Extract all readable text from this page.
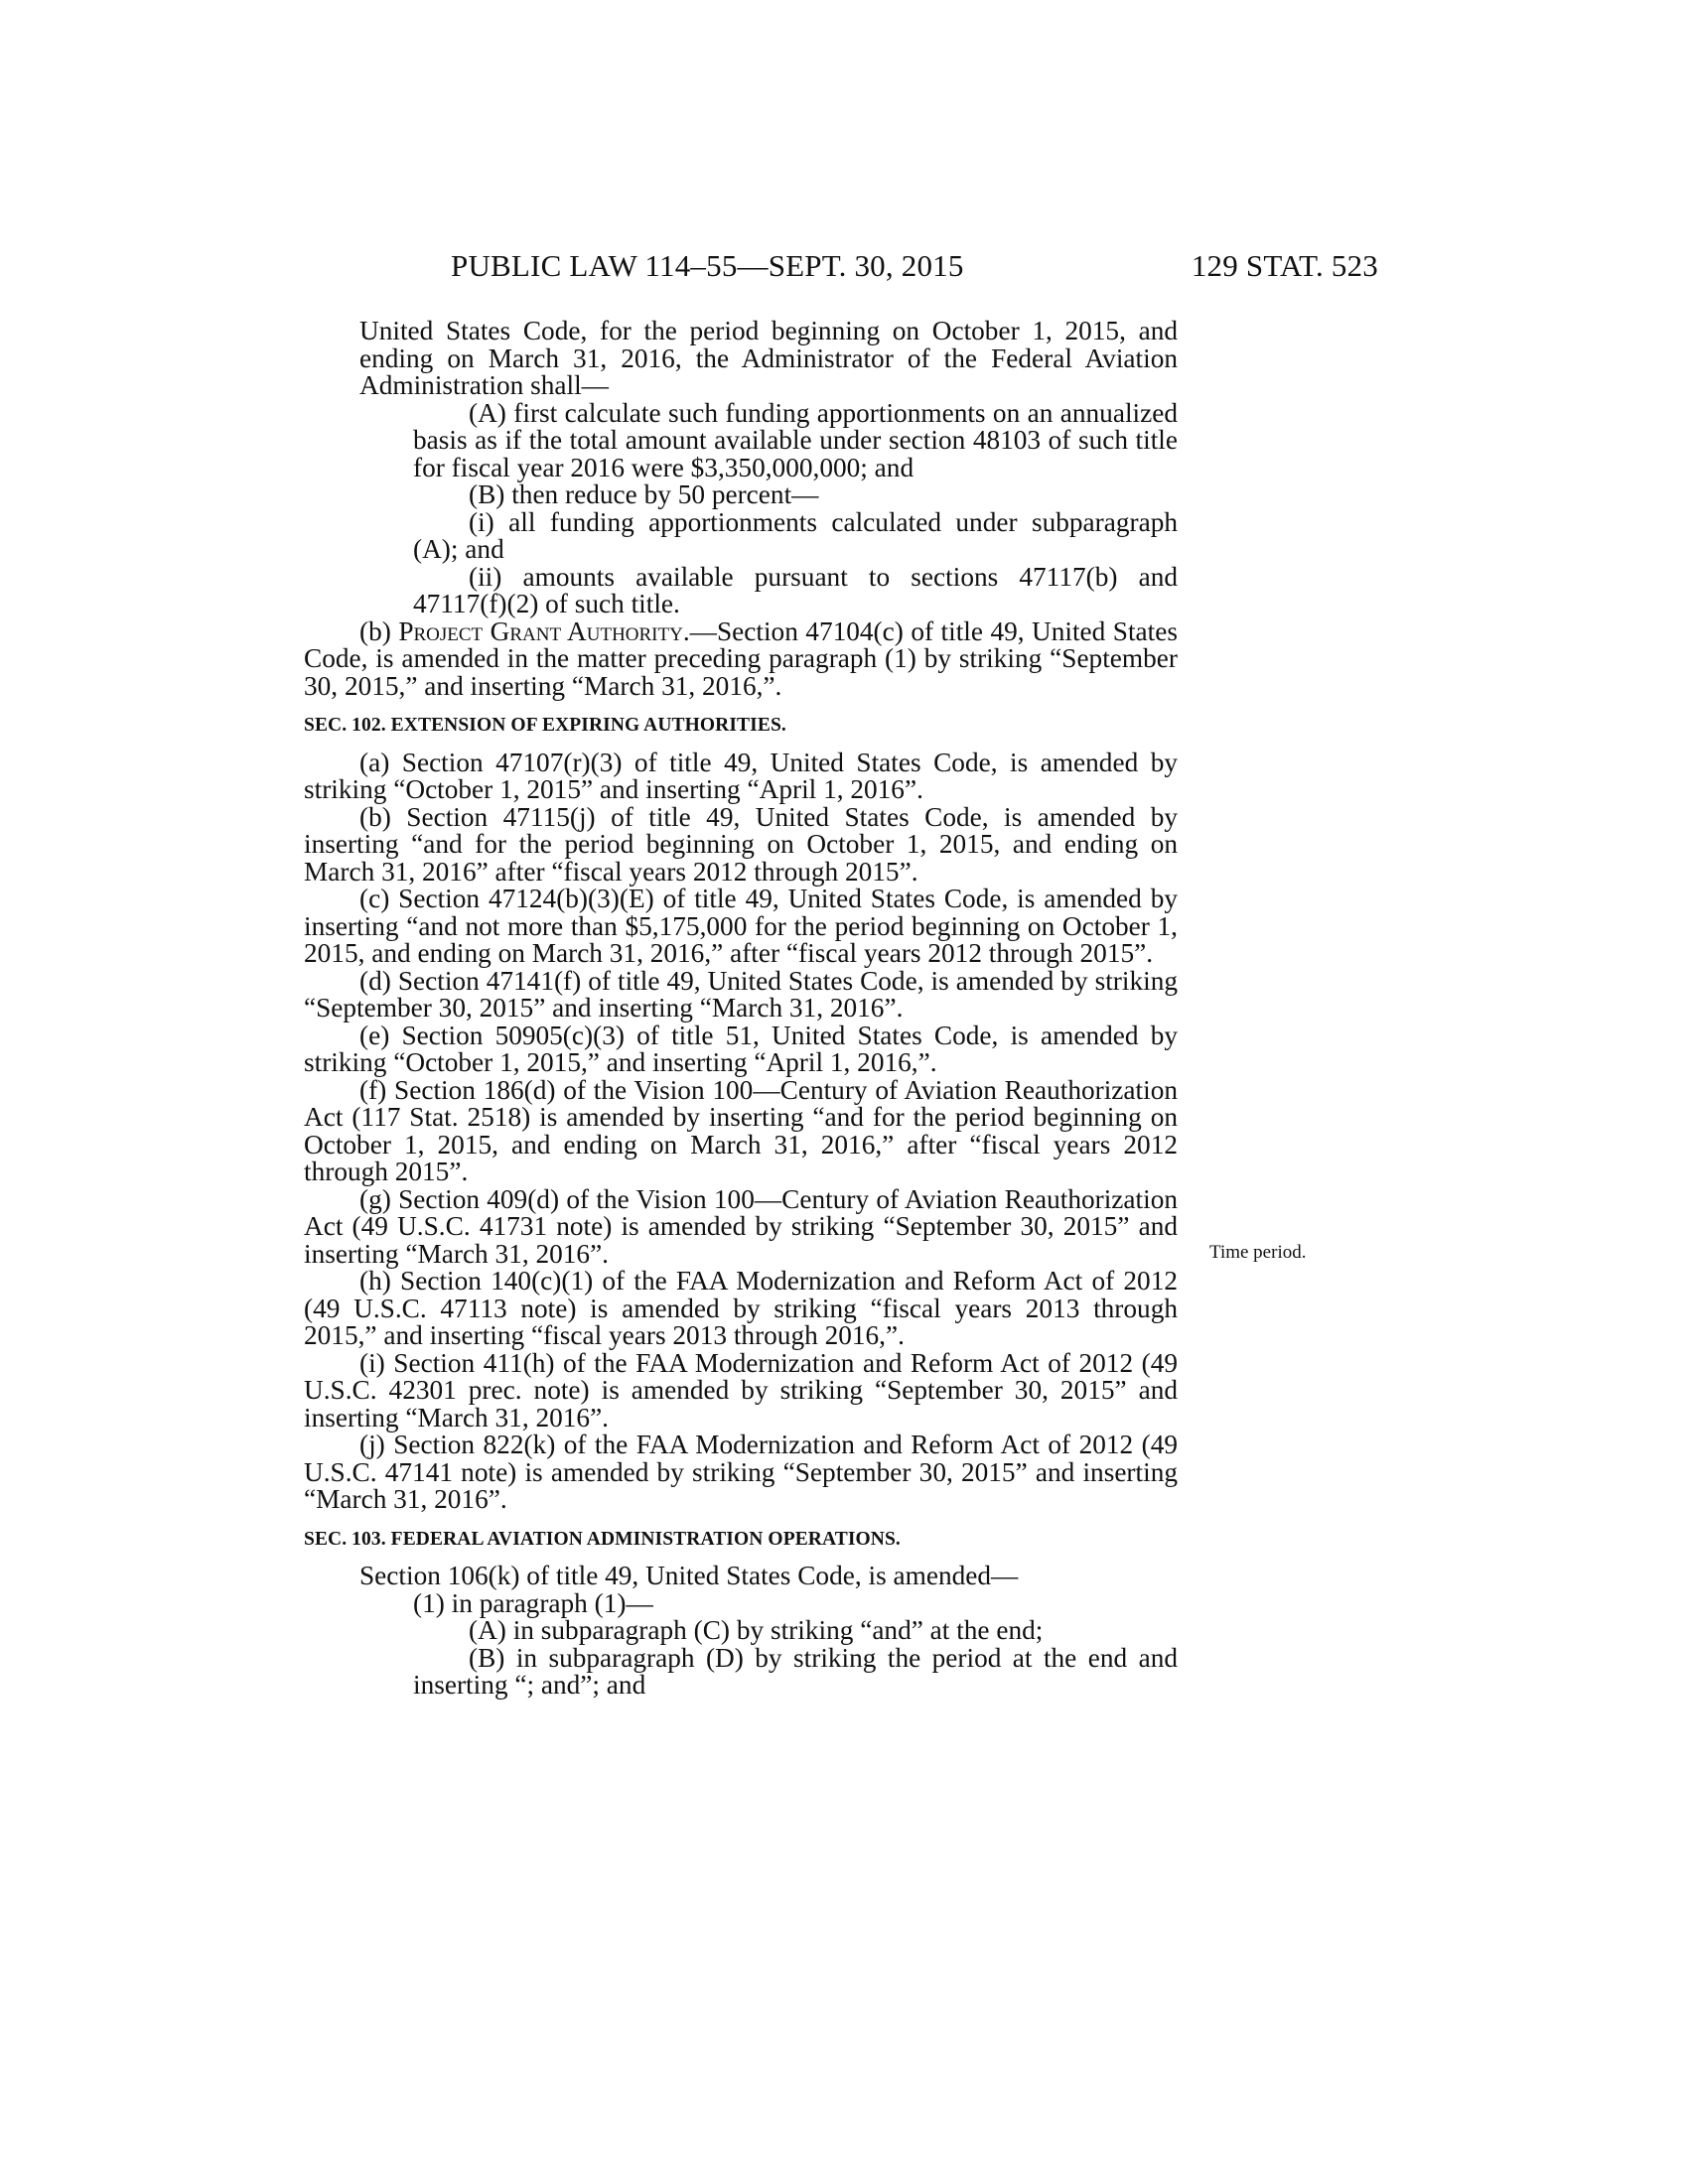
PUBLIC LAW 114–55—SEPT. 30, 2015	129 STAT. 523
Time period.

United States Code, for the period beginning on October 1, 2015, and ending on March 31, 2016, the Administrator of the Federal Aviation Administration shall—

(A) first calculate such funding apportionments on an annualized basis as if the total amount available under section 48103 of such title for fiscal year 2016 were $3,350,000,000; and

(B) then reduce by 50 percent—

(i) all funding apportionments calculated under subparagraph (A); and

(ii) amounts available pursuant to sections 47117(b) and 47117(f)(2) of such title.

(b) Project Grant Authority.—Section 47104(c) of title 49, United States Code, is amended in the matter preceding paragraph (1) by striking “September 30, 2015,” and inserting “March 31, 2016,”.

SEC. 102. EXTENSION OF EXPIRING AUTHORITIES.

(a) Section 47107(r)(3) of title 49, United States Code, is amended by striking “October 1, 2015” and inserting “April 1, 2016”.

(b) Section 47115(j) of title 49, United States Code, is amended by inserting “and for the period beginning on October 1, 2015, and ending on March 31, 2016” after “fiscal years 2012 through 2015”.

(c) Section 47124(b)(3)(E) of title 49, United States Code, is amended by inserting “and not more than $5,175,000 for the period beginning on October 1, 2015, and ending on March 31, 2016,” after “fiscal years 2012 through 2015”.

(d) Section 47141(f) of title 49, United States Code, is amended by striking “September 30, 2015” and inserting “March 31, 2016”.

(e) Section 50905(c)(3) of title 51, United States Code, is amended by striking “October 1, 2015,” and inserting “April 1, 2016,”.

(f) Section 186(d) of the Vision 100—Century of Aviation Reauthorization Act (117 Stat. 2518) is amended by inserting “and for the period beginning on October 1, 2015, and ending on March 31, 2016,” after “fiscal years 2012 through 2015”.

(g) Section 409(d) of the Vision 100—Century of Aviation Reauthorization Act (49 U.S.C. 41731 note) is amended by striking “September 30, 2015” and inserting “March 31, 2016”.

(h) Section 140(c)(1) of the FAA Modernization and Reform Act of 2012 (49 U.S.C. 47113 note) is amended by striking “fiscal years 2013 through 2015,” and inserting “fiscal years 2013 through 2016,”.

(i) Section 411(h) of the FAA Modernization and Reform Act of 2012 (49 U.S.C. 42301 prec. note) is amended by striking “September 30, 2015” and inserting “March 31, 2016”.

(j) Section 822(k) of the FAA Modernization and Reform Act of 2012 (49 U.S.C. 47141 note) is amended by striking “September 30, 2015” and inserting “March 31, 2016”.

SEC. 103. FEDERAL AVIATION ADMINISTRATION OPERATIONS.

Section 106(k) of title 49, United States Code, is amended—

(1) in paragraph (1)—

(A) in subparagraph (C) by striking “and” at the end;

(B) in subparagraph (D) by striking the period at the end and inserting “; and”; and
